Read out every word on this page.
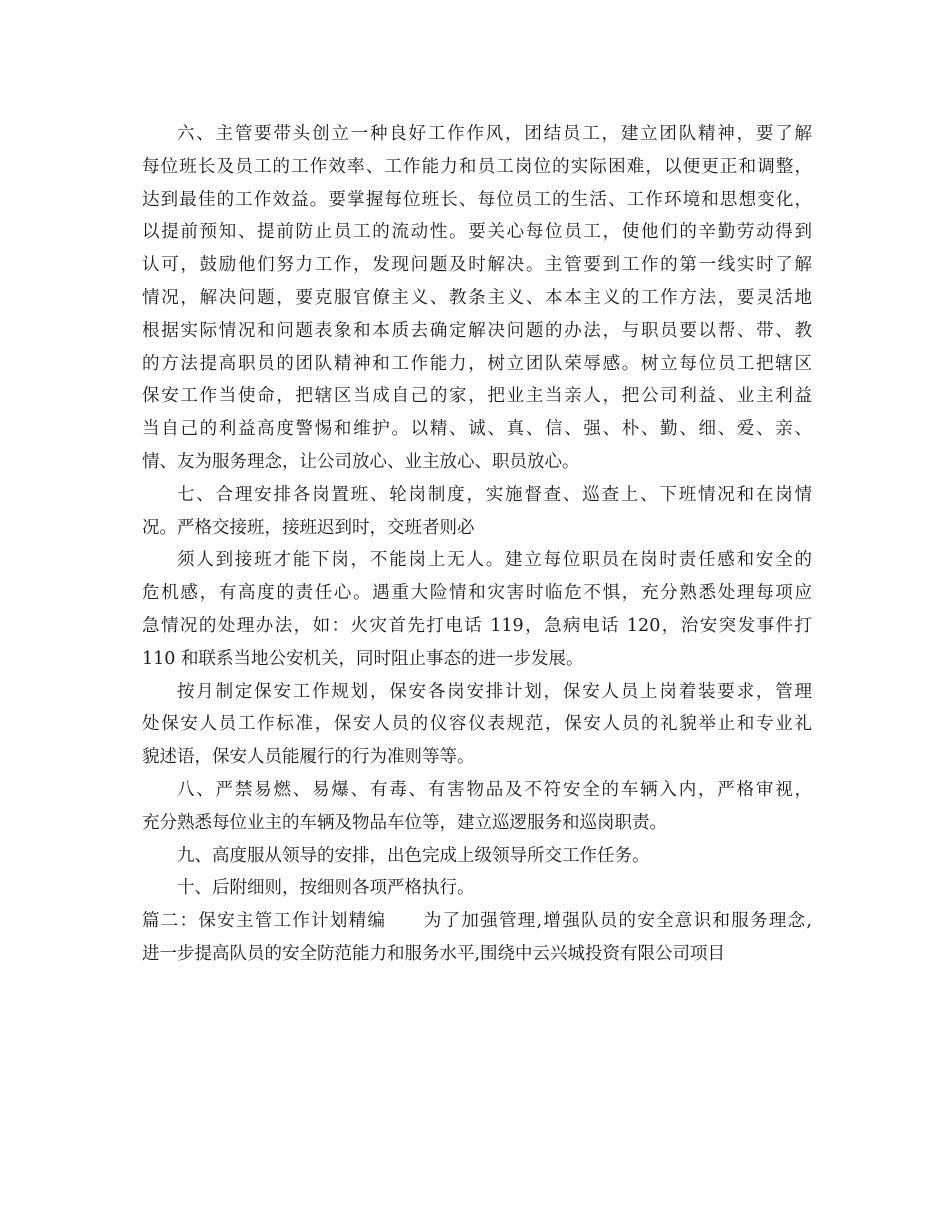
六、主管要带头创立一种良好工作作风，团结员工，建立团队精神，要了解
每位班长及员工的工作效率、工作能力和员工岗位的实际困难，以便更正和调整，
达到最佳的工作效益。要掌握每位班长、每位员工的生活、工作环境和思想变化，
以提前预知、提前防止员工的流动性。要关心每位员工，使他们的辛勤劳动得到
认可，鼓励他们努力工作，发现问题及时解决。主管要到工作的第一线实时了解
情况，解决问题，要克服官僚主义、教条主义、本本主义的工作方法，要灵活地
根据实际情况和问题表象和本质去确定解决问题的办法，与职员要以帮、带、教
的方法提高职员的团队精神和工作能力，树立团队荣辱感。树立每位员工把辖区
保安工作当使命，把辖区当成自己的家，把业主当亲人，把公司利益、业主利益
当自己的利益高度警惕和维护。以精、诚、真、信、强、朴、勤、细、爱、亲、
情、友为服务理念，让公司放心、业主放心、职员放心。
七、合理安排各岗置班、轮岗制度，实施督查、巡查上、下班情况和在岗情
况。严格交接班，接班迟到时，交班者则必
须人到接班才能下岗，不能岗上无人。建立每位职员在岗时责任感和安全的
危机感，有高度的责任心。遇重大险情和灾害时临危不惧，充分熟悉处理每项应
急情况的处理办法，如：火灾首先打电话 119，急病电话 120，治安突发事件打
110 和联系当地公安机关，同时阻止事态的进一步发展。
按月制定保安工作规划，保安各岗安排计划，保安人员上岗着装要求，管理
处保安人员工作标准，保安人员的仪容仪表规范，保安人员的礼貌举止和专业礼
貌述语，保安人员能履行的行为准则等等。
八、严禁易燃、易爆、有毒、有害物品及不符安全的车辆入内，严格审视，
充分熟悉每位业主的车辆及物品车位等，建立巡逻服务和巡岗职责。
九、高度服从领导的安排，出色完成上级领导所交工作任务。
十、后附细则，按细则各项严格执行。
篇二：保安主管工作计划精编　　为了加强管理,增强队员的安全意识和服务理念,
进一步提高队员的安全防范能力和服务水平,围绕中云兴城投资有限公司项目
